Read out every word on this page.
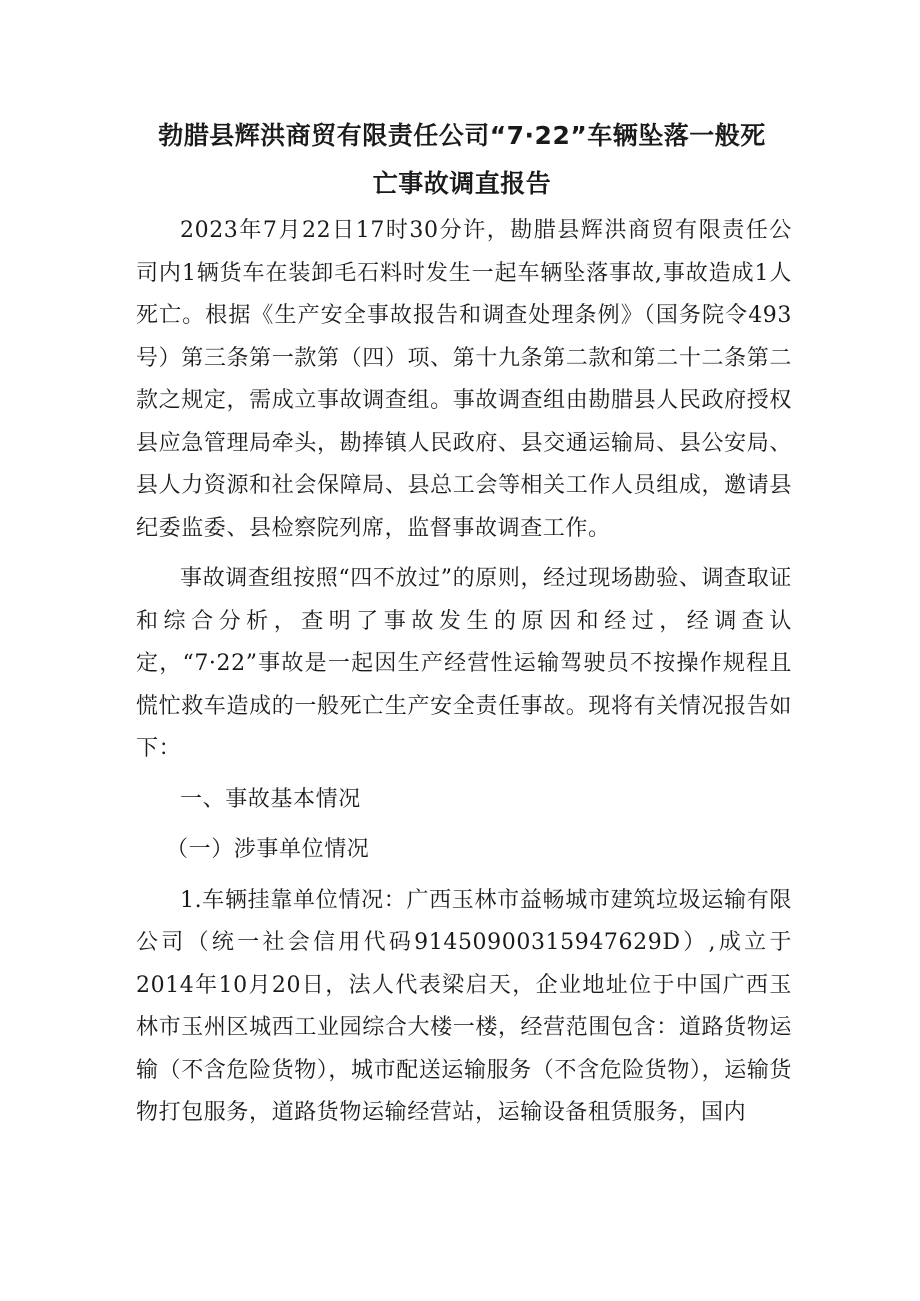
勃腊县辉洪商贸有限责任公司“7·22”车辆坠落一般死
亡事故调直报告

2023年7月22日17时30分许，勘腊县辉洪商贸有限责任公司内1辆货车在装卸毛石料时发生一起车辆坠落事故,事故造成1人死亡。根据《生产安全事故报告和调查处理条例》（国务院令493号）第三条第一款第（四）项、第十九条第二款和第二十二条第二款之规定，需成立事故调查组。事故调查组由勘腊县人民政府授权县应急管理局牵头，勘捧镇人民政府、县交通运输局、县公安局、县人力资源和社会保障局、县总工会等相关工作人员组成，邀请县纪委监委、县检察院列席，监督事故调查工作。

事故调查组按照“四不放过”的原则，经过现场勘验、调查取证和综合分析，查明了事故发生的原因和经过，经调查认定，“7·22”事故是一起因生产经营性运输驾驶员不按操作规程且慌忙救车造成的一般死亡生产安全责任事故。现将有关情况报告如下：

一、事故基本情况

（一）涉事单位情况

1.车辆挂靠单位情况：广西玉林市益畅城市建筑垃圾运输有限公司（统一社会信用代码91450900315947629D）,成立于2014年10月20日，法人代表梁启天，企业地址位于中国广西玉林市玉州区城西工业园综合大楼一楼，经营范围包含：道路货物运输（不含危险货物），城市配送运输服务（不含危险货物），运输货物打包服务，道路货物运输经营站，运输设备租赁服务，国内
